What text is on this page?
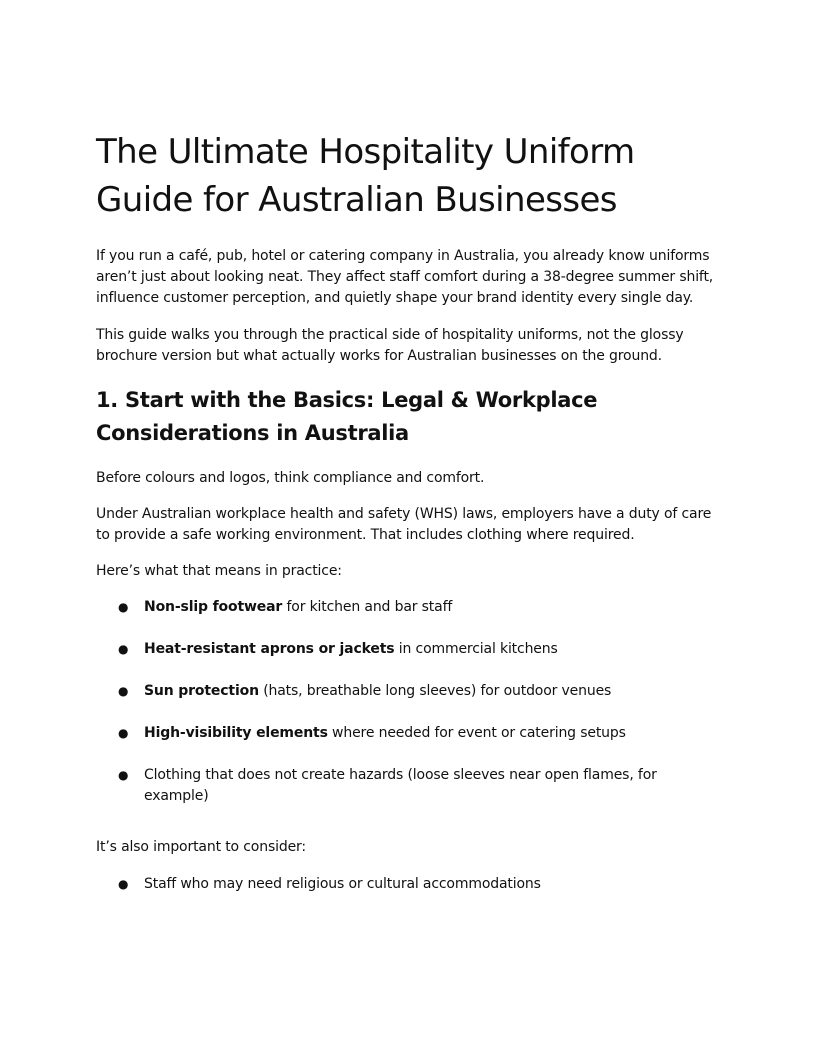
The Ultimate Hospitality Uniform Guide for Australian Businesses

If you run a café, pub, hotel or catering company in Australia, you already know uniforms aren’t just about looking neat. They affect staff comfort during a 38-degree summer shift, influence customer perception, and quietly shape your brand identity every single day.

This guide walks you through the practical side of hospitality uniforms, not the glossy brochure version but what actually works for Australian businesses on the ground.

1. Start with the Basics: Legal & Workplace Considerations in Australia

Before colours and logos, think compliance and comfort.

Under Australian workplace health and safety (WHS) laws, employers have a duty of care to provide a safe working environment. That includes clothing where required.

Here’s what that means in practice:

● Non-slip footwear for kitchen and bar staff
● Heat-resistant aprons or jackets in commercial kitchens
● Sun protection (hats, breathable long sleeves) for outdoor venues
● High-visibility elements where needed for event or catering setups
● Clothing that does not create hazards (loose sleeves near open flames, for example)

It’s also important to consider:

● Staff who may need religious or cultural accommodations
